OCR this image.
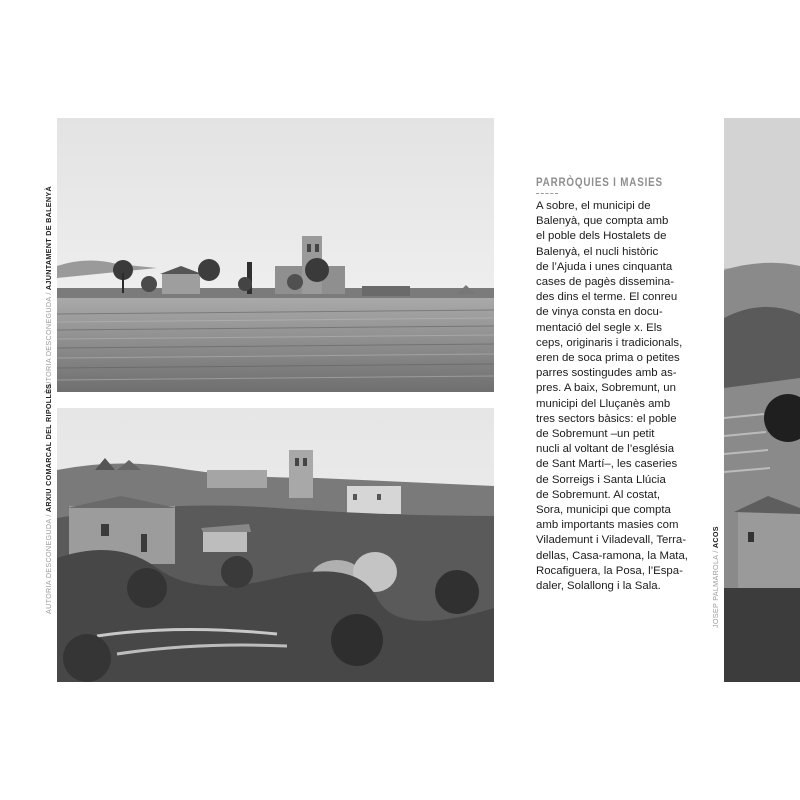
AUTORIA DESCONEGUDA / AJUNTAMENT DE BALENYÀ
AUTORIA DESCONEGUDA / ARXIU COMARCAL DEL RIPOLLÈS
JOSEP PALMAROLA / ACOS
PARRÒQUIES I MASIES

A sobre, el municipi de
Balenyà, que compta amb
el poble dels Hostalets de
Balenyà, el nucli històric
de l’Ajuda i unes cinquanta
cases de pagès dissemina-
des dins el terme. El conreu
de vinya consta en docu-
mentació del segle x. Els
ceps, originaris i tradicionals,
eren de soca prima o petites
parres sostingudes amb as-
pres. A baix, Sobremunt, un
municipi del Lluçanès amb
tres sectors bàsics: el poble
de Sobremunt –un petit
nucli al voltant de l’església
de Sant Martí–, les caseries
de Sorreigs i Santa Llúcia
de Sobremunt. Al costat,
Sora, municipi que compta
amb importants masies com
Vilademunt i Viladevall, Terra-
dellas, Casa-ramona, la Mata,
Rocafiguera, la Posa, l’Espa-
daler, Solallong i la Sala.
